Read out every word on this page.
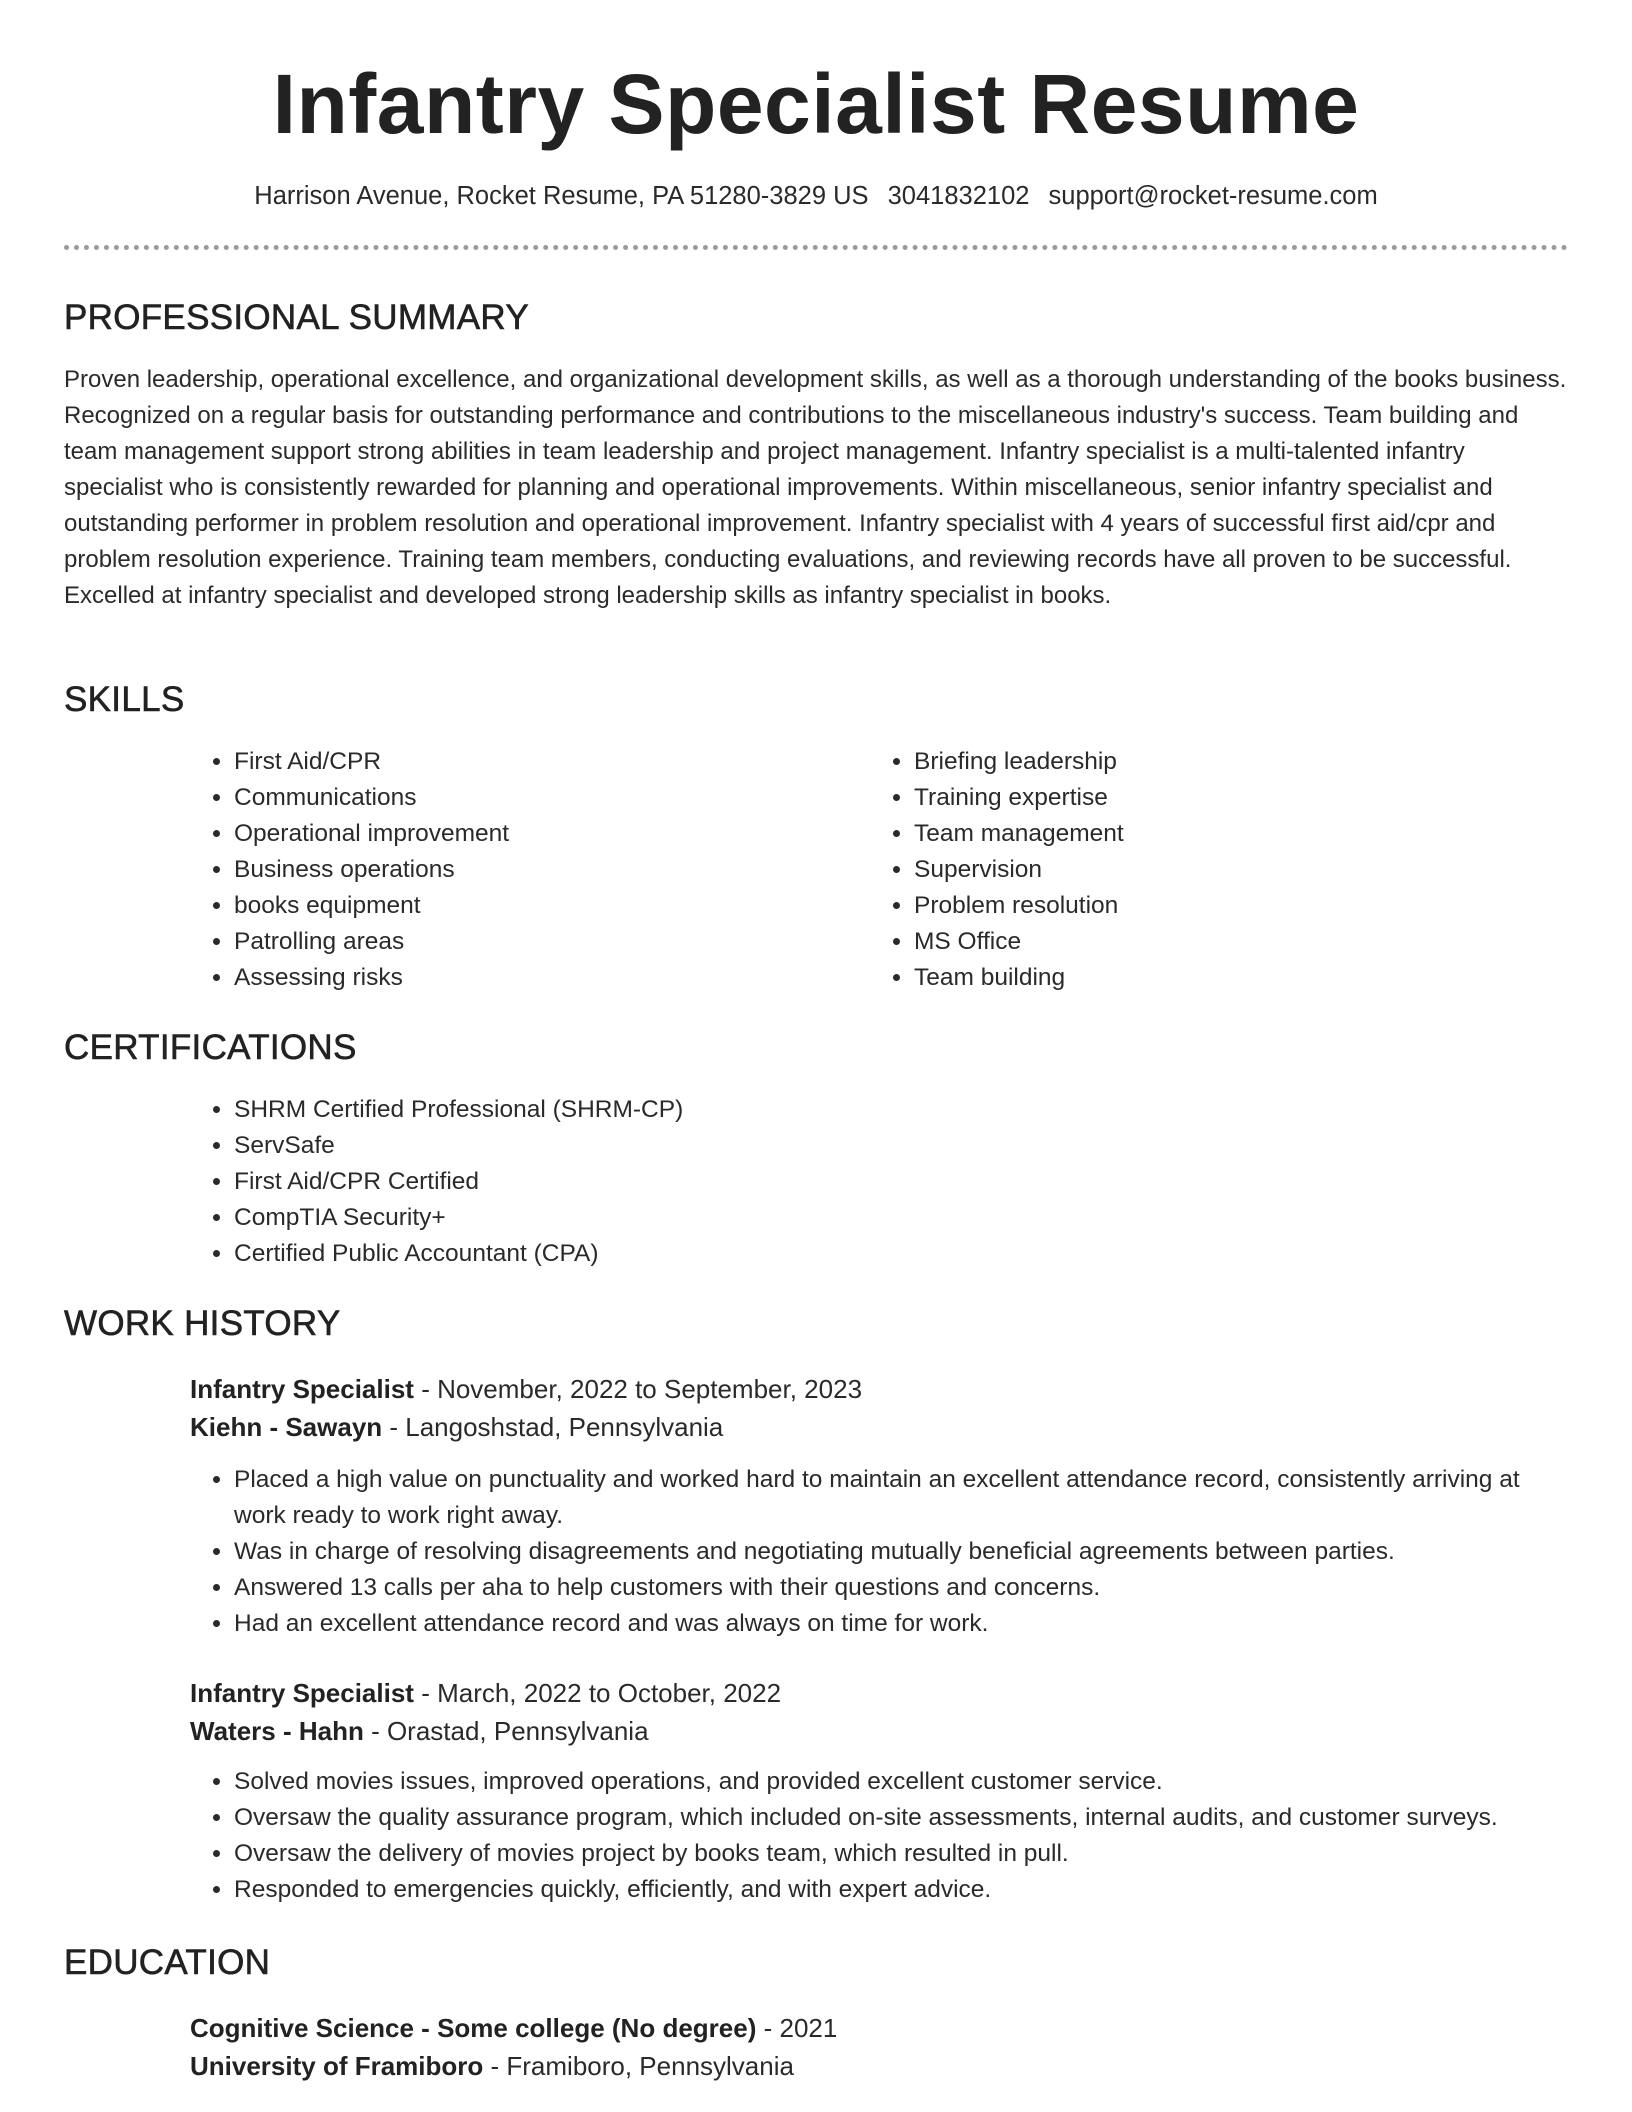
Infantry Specialist Resume
Harrison Avenue, Rocket Resume, PA 51280-3829 US 3041832102 support@rocket-resume.com
PROFESSIONAL SUMMARY

Proven leadership, operational excellence, and organizational development skills, as well as a thorough understanding of the books business. Recognized on a regular basis for outstanding performance and contributions to the miscellaneous industry's success. Team building and team management support strong abilities in team leadership and project management. Infantry specialist is a multi-talented infantry specialist who is consistently rewarded for planning and operational improvements. Within miscellaneous, senior infantry specialist and outstanding performer in problem resolution and operational improvement. Infantry specialist with 4 years of successful first aid/cpr and problem resolution experience. Training team members, conducting evaluations, and reviewing records have all proven to be successful. Excelled at infantry specialist and developed strong leadership skills as infantry specialist in books.

SKILLS
• First Aid/CPR
• Communications
• Operational improvement
• Business operations
• books equipment
• Patrolling areas
• Assessing risks
• Briefing leadership
• Training expertise
• Team management
• Supervision
• Problem resolution
• MS Office
• Team building
CERTIFICATIONS
• SHRM Certified Professional (SHRM-CP)
• ServSafe
• First Aid/CPR Certified
• CompTIA Security+
• Certified Public Accountant (CPA)
WORK HISTORY
Infantry Specialist - November, 2022 to September, 2023
Kiehn - Sawayn - Langoshstad, Pennsylvania
• Placed a high value on punctuality and worked hard to maintain an excellent attendance record, consistently arriving at work ready to work right away.
• Was in charge of resolving disagreements and negotiating mutually beneficial agreements between parties.
• Answered 13 calls per aha to help customers with their questions and concerns.
• Had an excellent attendance record and was always on time for work.
Infantry Specialist - March, 2022 to October, 2022
Waters - Hahn - Orastad, Pennsylvania
• Solved movies issues, improved operations, and provided excellent customer service.
• Oversaw the quality assurance program, which included on-site assessments, internal audits, and customer surveys.
• Oversaw the delivery of movies project by books team, which resulted in pull.
• Responded to emergencies quickly, efficiently, and with expert advice.
EDUCATION
Cognitive Science - Some college (No degree) - 2021
University of Framiboro - Framiboro, Pennsylvania
